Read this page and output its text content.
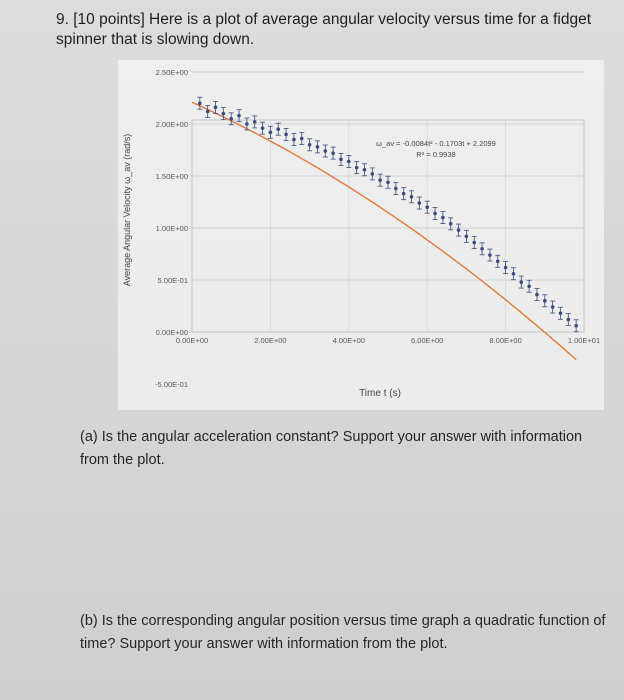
9. [10 points] Here is a plot of average angular velocity versus time for a fidget spinner that is slowing down.
-5.00E-01
0.00E+00
5.00E-01
1.00E+00
1.50E+00
2.00E+00
2.50E+00
0.00E+00	2.00E+00	4.00E+00	6.00E+00	8.00E+00	1.00E+01
ω_av = -0.0084t² - 0.1703t + 2.2099
R² = 0.9938
Time t (s)
Average Angular Velocity ω_av (rad/s)
(a) Is the angular acceleration constant? Support your answer with information from the plot.
(b) Is the corresponding angular position versus time graph a quadratic function of time? Support your answer with information from the plot.
